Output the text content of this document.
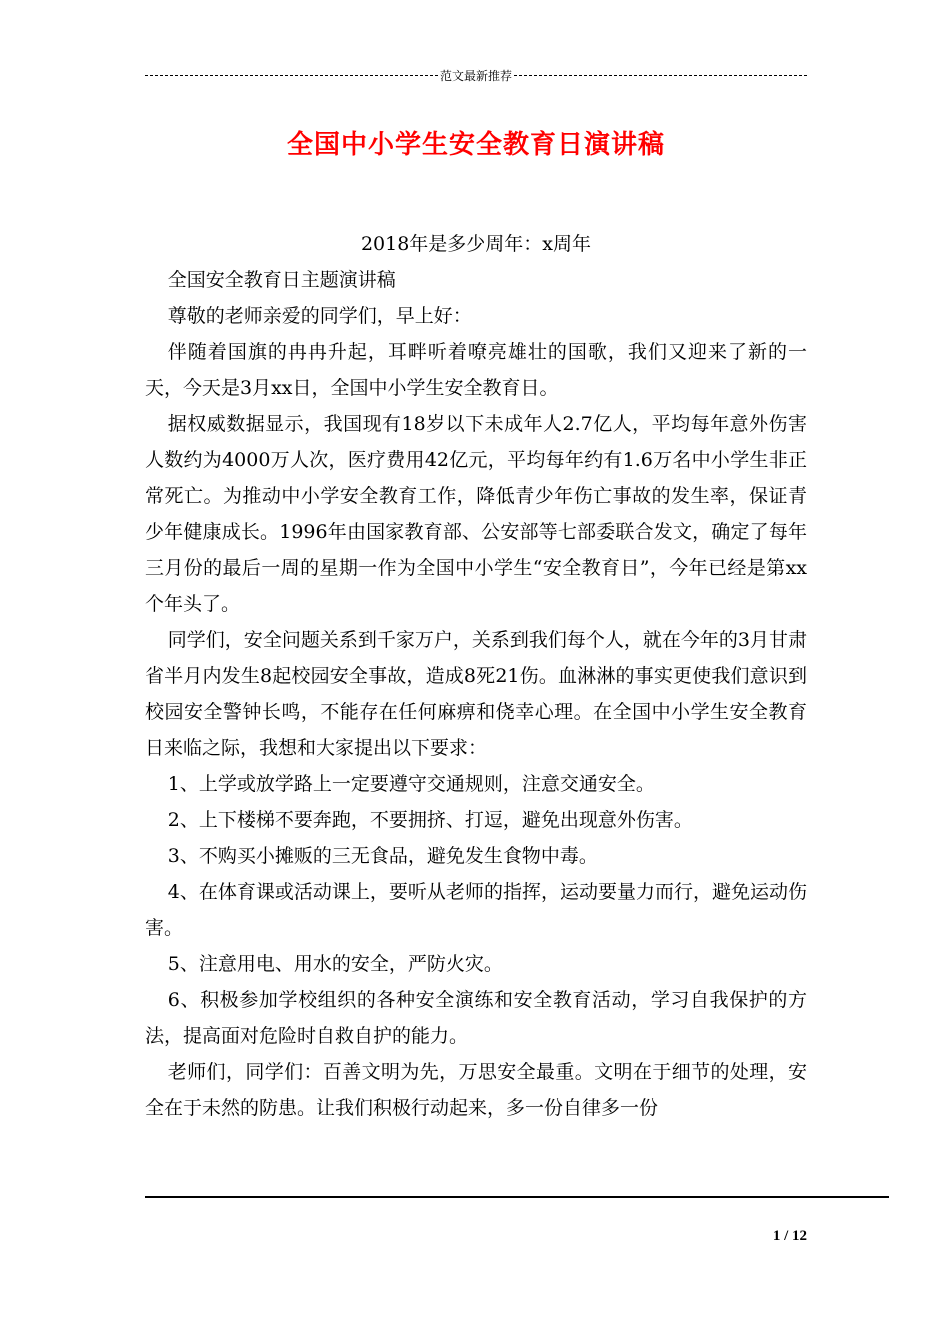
范文最新推荐
全国中小学生安全教育日演讲稿

2018年是多少周年：x周年

全国安全教育日主题演讲稿

尊敬的老师亲爱的同学们，早上好：

伴随着国旗的冉冉升起，耳畔听着嘹亮雄壮的国歌，我们又迎来了新的一天，今天是3月xx日，全国中小学生安全教育日。

据权威数据显示，我国现有18岁以下未成年人2.7亿人，平均每年意外伤害人数约为4000万人次，医疗费用42亿元，平均每年约有1.6万名中小学生非正常死亡。为推动中小学安全教育工作，降低青少年伤亡事故的发生率，保证青少年健康成长。1996年由国家教育部、公安部等七部委联合发文，确定了每年三月份的最后一周的星期一作为全国中小学生“安全教育日”，今年已经是第xx个年头了。

同学们，安全问题关系到千家万户，关系到我们每个人，就在今年的3月甘肃省半月内发生8起校园安全事故，造成8死21伤。血淋淋的事实更使我们意识到校园安全警钟长鸣，不能存在任何麻痹和侥幸心理。在全国中小学生安全教育日来临之际，我想和大家提出以下要求：

1、上学或放学路上一定要遵守交通规则，注意交通安全。

2、上下楼梯不要奔跑，不要拥挤、打逗，避免出现意外伤害。

3、不购买小摊贩的三无食品，避免发生食物中毒。

4、在体育课或活动课上，要听从老师的指挥，运动要量力而行，避免运动伤害。

5、注意用电、用水的安全，严防火灾。

6、积极参加学校组织的各种安全演练和安全教育活动，学习自我保护的方法，提高面对危险时自救自护的能力。

老师们，同学们：百善文明为先，万思安全最重。文明在于细节的处理，安全在于未然的防患。让我们积极行动起来，多一份自律多一份

1 / 12
